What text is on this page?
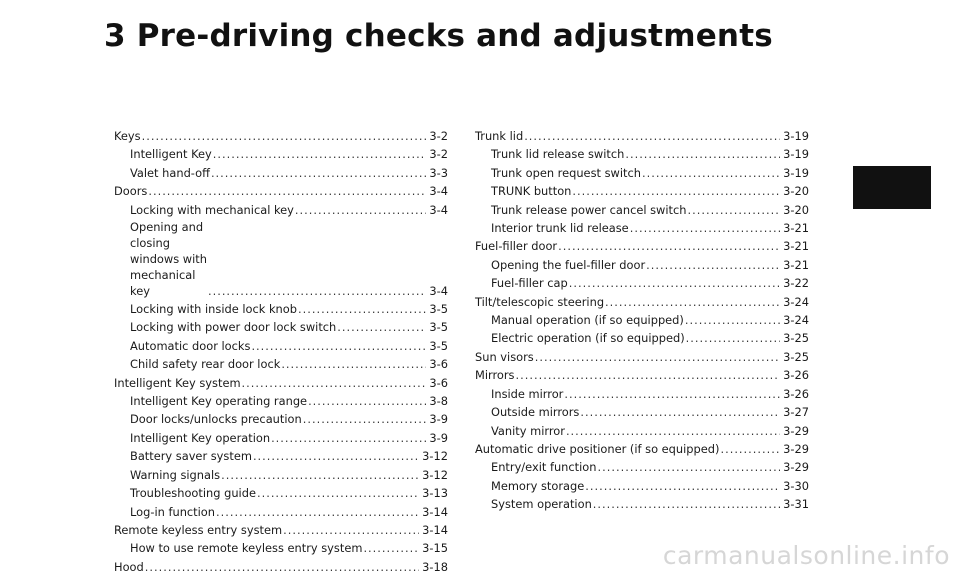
3 Pre-driving checks and adjustments
Keys .....	3-2
Intelligent Key .....	3-2
Valet hand-off .....	3-3
Doors .....	3-4
Locking with mechanical key .....	3-4
Opening and closing windows with mechanical key .....	3-4
Locking with inside lock knob .....	3-5
Locking with power door lock switch .....	3-5
Automatic door locks .....	3-5
Child safety rear door lock .....	3-6
Intelligent Key system .....	3-6
Intelligent Key operating range .....	3-8
Door locks/unlocks precaution .....	3-9
Intelligent Key operation .....	3-9
Battery saver system .....	3-12
Warning signals .....	3-12
Troubleshooting guide .....	3-13
Log-in function .....	3-14
Remote keyless entry system .....	3-14
How to use remote keyless entry system .....	3-15
Hood .....	3-18
Trunk lid .....	3-19
Trunk lid release switch .....	3-19
Trunk open request switch .....	3-19
TRUNK button .....	3-20
Trunk release power cancel switch .....	3-20
Interior trunk lid release .....	3-21
Fuel-filler door .....	3-21
Opening the fuel-filler door .....	3-21
Fuel-filler cap .....	3-22
Tilt/telescopic steering .....	3-24
Manual operation (if so equipped) .....	3-24
Electric operation (if so equipped) .....	3-25
Sun visors .....	3-25
Mirrors .....	3-26
Inside mirror .....	3-26
Outside mirrors .....	3-27
Vanity mirror .....	3-29
Automatic drive positioner (if so equipped) .....	3-29
Entry/exit function .....	3-29
Memory storage .....	3-30
System operation .....	3-31
carmanualsonline.info
